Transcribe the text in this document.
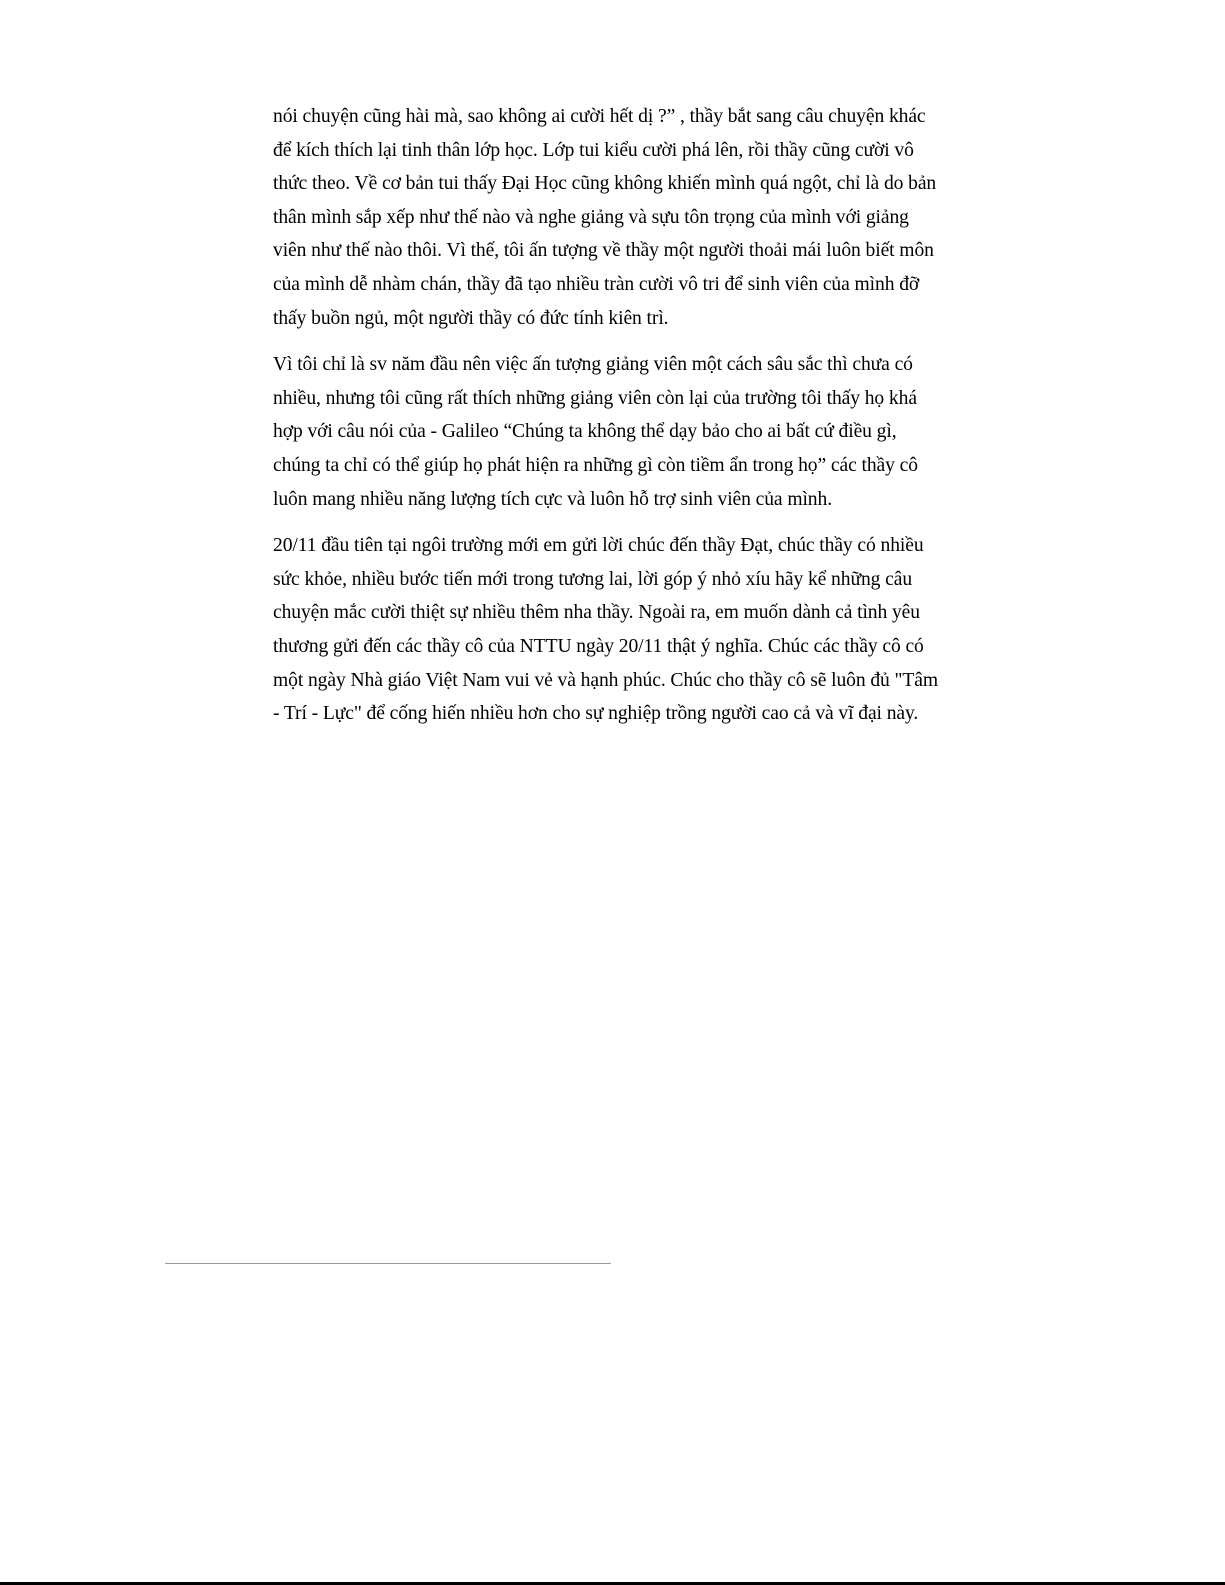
nói chuyện cũng hài mà, sao không ai cười hết dị ?” , thầy bắt sang câu chuyện khác
để kích thích lại tinh thân lớp học. Lớp tui kiểu cười phá lên, rồi thầy cũng cười vô
thức theo. Về cơ bản tui thấy Đại Học cũng không khiến mình quá ngột, chỉ là do bản
thân mình sắp xếp như thế nào và nghe giảng và sựu tôn trọng của mình với giảng
viên như thế nào thôi. Vì thế, tôi ấn tượng về thầy một người thoải mái luôn biết môn
của mình dễ nhàm chán, thầy đã tạo nhiều tràn cười vô tri để sinh viên của mình đỡ
thấy buồn ngủ, một người thầy có đức tính kiên trì.

Vì tôi chỉ là sv năm đầu nên việc ấn tượng giảng viên một cách sâu sắc thì chưa có
nhiều, nhưng tôi cũng rất thích những giảng viên còn lại của trường tôi thấy họ khá
hợp với câu nói của - Galileo “Chúng ta không thể dạy bảo cho ai bất cứ điều gì,
chúng ta chỉ có thể giúp họ phát hiện ra những gì còn tiềm ẩn trong họ” các thầy cô
luôn mang nhiều năng lượng tích cực và luôn hỗ trợ sinh viên của mình.

20/11 đầu tiên tại ngôi trường mới em gửi lời chúc đến thầy Đạt, chúc thầy có nhiều
sức khỏe, nhiều bước tiến mới trong tương lai, lời góp ý nhỏ xíu hãy kể những câu
chuyện mắc cười thiệt sự nhiều thêm nha thầy. Ngoài ra, em muốn dành cả tình yêu
thương gửi đến các thầy cô của NTTU ngày 20/11 thật ý nghĩa. Chúc các thầy cô có
một ngày Nhà giáo Việt Nam vui vẻ và hạnh phúc. Chúc cho thầy cô sẽ luôn đủ "Tâm
- Trí - Lực" để cống hiến nhiều hơn cho sự nghiệp trồng người cao cả và vĩ đại này.
